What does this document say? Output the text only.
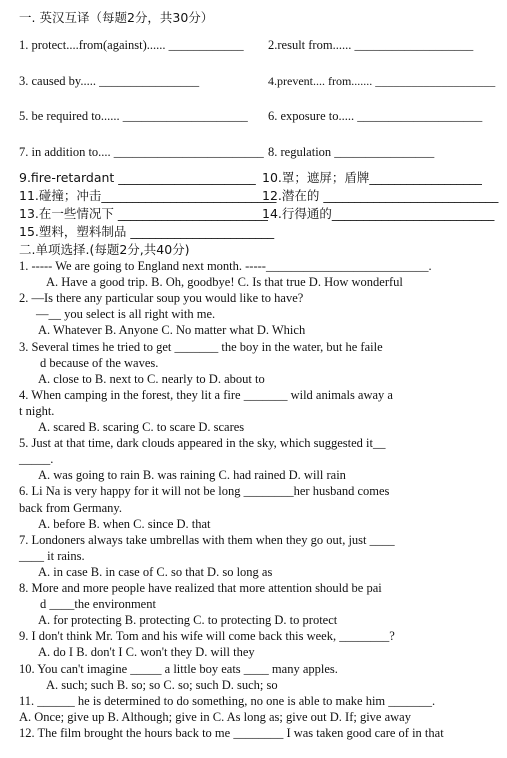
一. 英汉互译（每题2分，共30分）
1. protect....from(against)...... ____________ 2.result from...... ___________________
3. caused by..... ________________	4.prevent.... from....... ____________________
5. be required to...... ____________________ 6. exposure to..... ____________________
7. in addition to.... ________________________ 8. regulation ________________
9.fire-retardant ______________________ 10.罩；遮屏；盾牌__________________
11.碰撞；冲击____________________________
12.潜在的 ____________________________
13.在一些情况下 ________________________
14.行得通的__________________________
15.塑料，塑料制品 _______________________
二.单项选择.(每题2分,共40分)
1. ----- We are going to England next month. -----__________________________.
A. Have a good trip. B. Oh, goodbye! C. Is that true D. How wonderful
2. —Is there any particular soup you would like to have?
—__ you select is all right with me.
A. Whatever B. Anyone C. No matter what D. Which
3. Several times he tried to get _______ the boy in the water, but he faile
d because of the waves.
A. close to B. next to C. nearly to D. about to
4. When camping in the forest, they lit a fire _______ wild animals away a
t night.
A. scared B. scaring C. to scare D. scares
5. Just at that time, dark clouds appeared in the sky, which suggested it__
_____.
A. was going to rain B. was raining C. had rained D. will rain
6. Li Na is very happy for it will not be long ________her husband comes
back from Germany.
A. before B. when C. since D. that
7. Londoners always take umbrellas with them when they go out, just ____
____ it rains.
A. in case B. in case of C. so that D. so long as
8. More and more people have realized that more attention should be pai
d ____the environment
A. for protecting B. protecting C. to protecting D. to protect
9. I don't think Mr. Tom and his wife will come back this week, ________?
A. do I B. don't I C. won't they D. will they
10. You can't imagine _____ a little boy eats ____ many apples.
A. such; such B. so; so C. so; such D. such; so
11. ______ he is determined to do something, no one is able to make him _______.
A. Once; give up B. Although; give in C. As long as; give out D. If; give away
12. The film brought the hours back to me ________ I was taken good care of in that
